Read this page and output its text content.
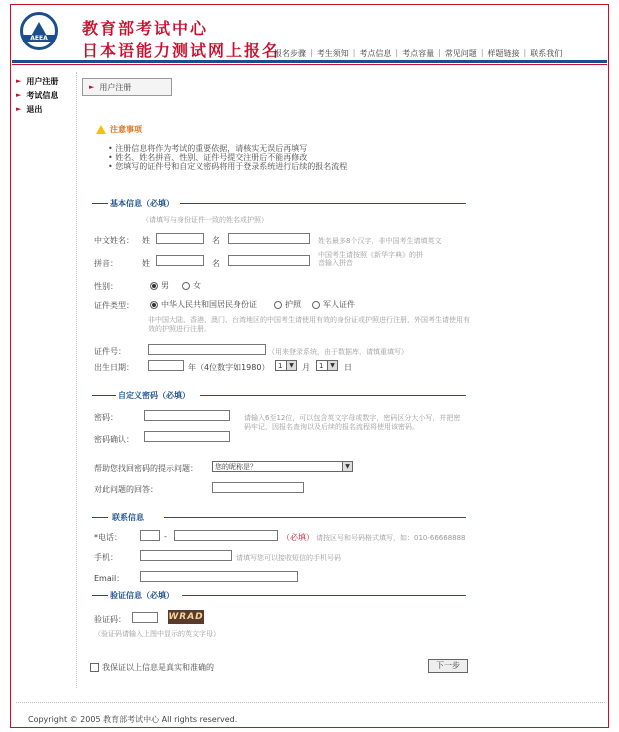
AEEA
教育部考试中心
日本语能力测试网上报名
报名步骤 | 考生须知 | 考点信息 | 考点容量 | 常见问题 | 样题链接 | 联系我们
► 用户注册
► 考试信息
► 退出
► 用户注册
注意事项
• 注册信息将作为考试的重要依据，请核实无误后再填写
• 姓名、姓名拼音、性别、证件号提交注册后不能再修改
• 您填写的证件号和自定义密码将用于登录系统进行后续的报名流程
基本信息（必填）
（请填写与身份证件一致的姓名或护照）
中文姓名： 姓	名	姓名最多8个汉字，非中国考生请填英文
拼音：	姓	名
中国考生请按照《新华字典》的拼音输入拼音
性别：	男	女
证件类型：	中华人民共和国居民身份证	护照	军人证件
非中国大陆、香港、澳门、台湾地区的中国考生请使用有效的身份证或护照进行注册，外国考生请使用有效的护照进行注册。
证件号：	（用来登录系统，由于数据库，请慎重填写）
出生日期：	年（4位数字如1980） 1	▼ 月 1	▼ 日
自定义密码（必填）
密码：
密码确认：
请输入6至12位，可以包含英文字母或数字，密码区分大小写，并把密码牢记，因报名查询以及后续的报名流程将使用该密码。
帮助您找回密码的提示问题： 您的昵称是？	▼
对此问题的回答：
联系信息
*电话：	-	（必填） 请按区号和号码格式填写，如：010-66668888
手机：	请填写您可以接收短信的手机号码
Email：
验证信息（必填）
验证码：	WRAD
（验证码请输入上图中显示的英文字母）
我保证以上信息是真实和准确的	下一步
Copyright © 2005 教育部考试中心 All rights reserved.
